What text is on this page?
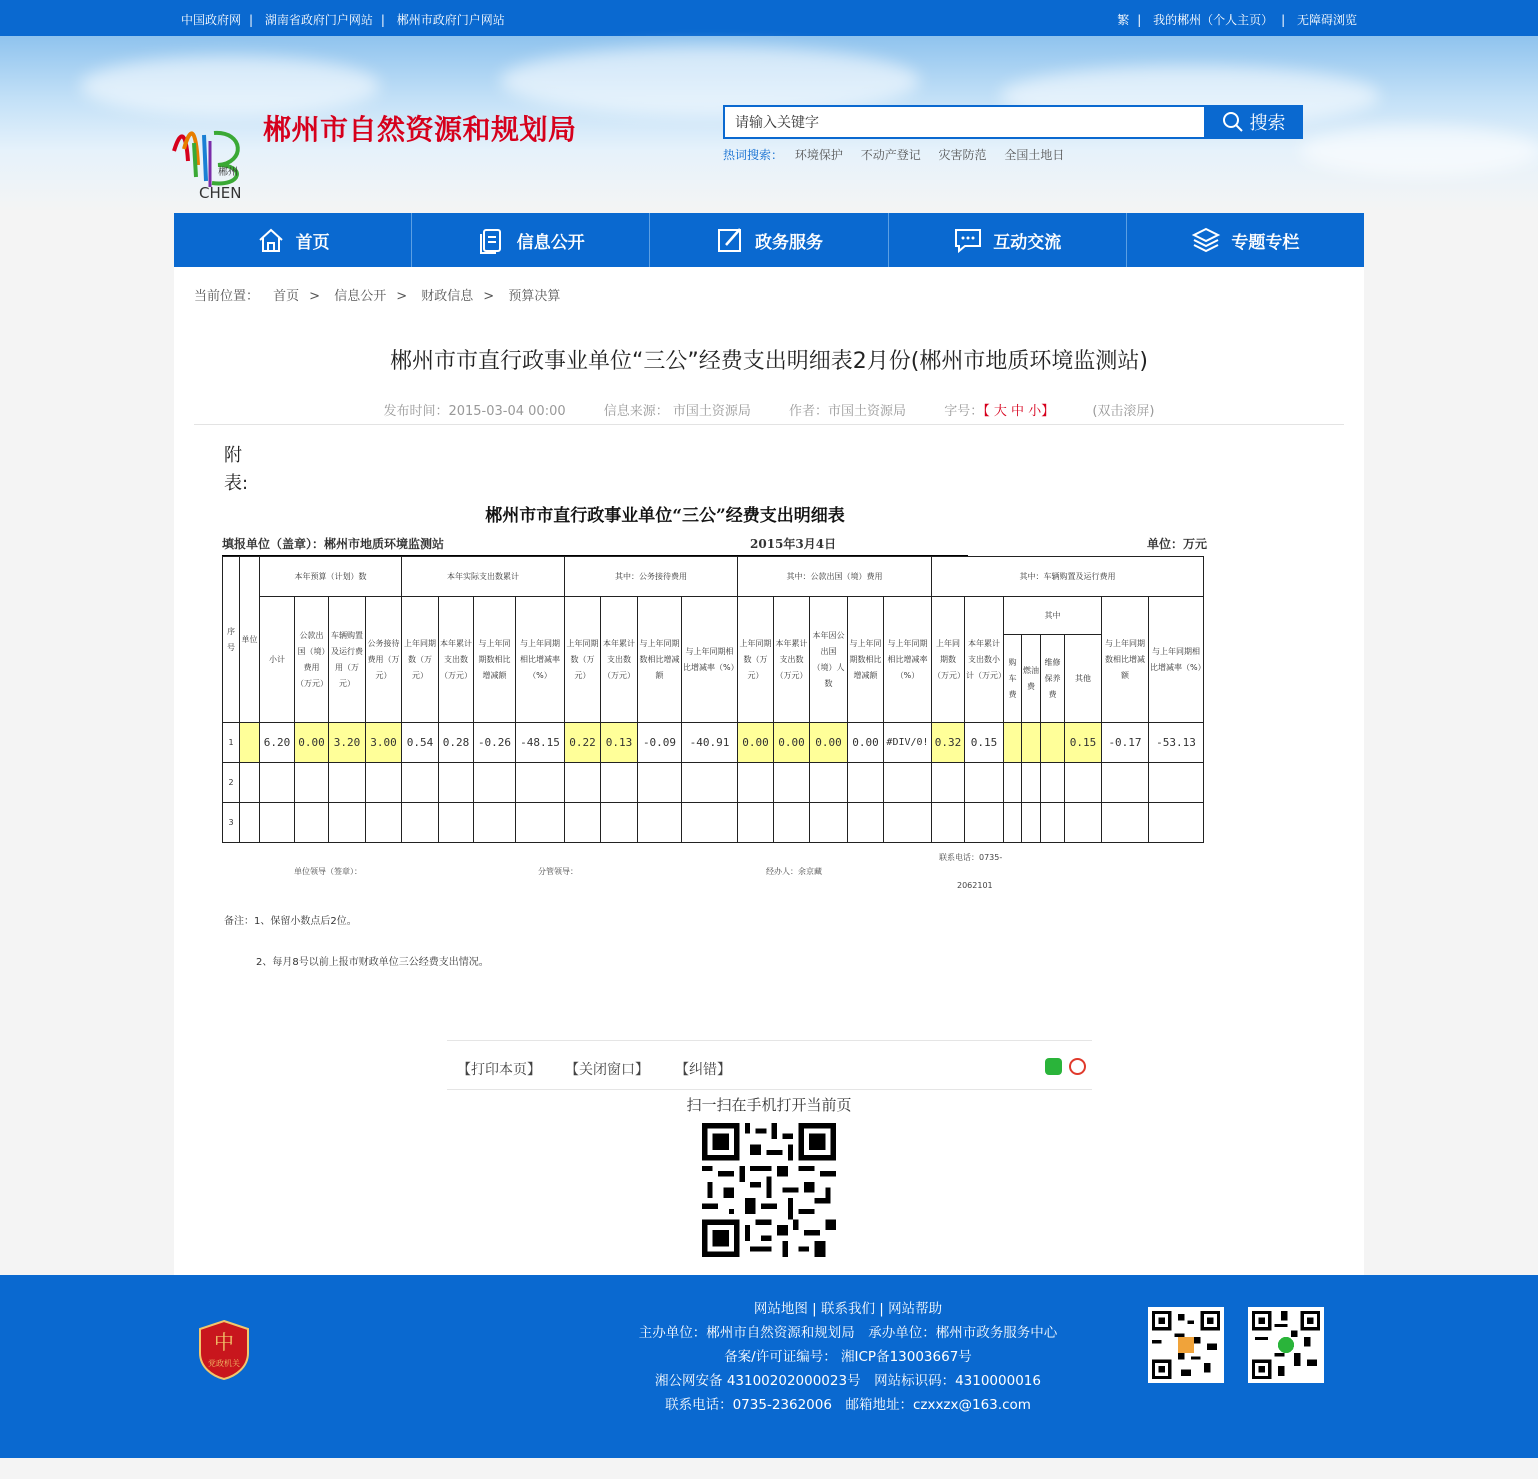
中国政府网 | 湖南省政府门户网站 | 郴州市政府门户网站	繁 | 我的郴州（个人主页） | 无障碍浏览
郴州
CHEN
郴州市自然资源和规划局
请输入关键字	搜索
热词搜索： 环境保护 不动产登记 灾害防范 全国土地日
首页	信息公开	政务服务	互动交流	专题专栏
当前位置： 首页 > 信息公开 > 财政信息 > 预算决算
郴州市市直行政事业单位“三公”经费支出明细表2月份(郴州市地质环境监测站)
发布时间：2015-03-04 00:00	信息来源： 市国土资源局	作者：市国土资源局	字号：【 大 中 小】	(双击滚屏)
附
表:
郴州市市直行政事业单位“三公”经费支出明细表
填报单位（盖章）：郴州市地质环境监测站	2015年3月4日	单位：万元
序号	单位	本年预算（计划）数				本年实际支出数累计				其中：公务接待费用				其中：公款出国（境）费用					其中：车辆购置及运行费用							
		小计	公款出国（境）费用（万元）	车辆购置及运行费用（万元）	公务接待费用（万元）	上年同期数（万元）	本年累计支出数（万元）	与上年同期数相比增减额	与上年同期相比增减率（%）	上年同期数（万元）	本年累计支出数（万元）	与上年同期数相比增减额	与上年同期相比增减率（%）	上年同期数（万元）	本年累计支出数（万元）	本年因公出国（境）人数	与上年同期数相比增减额	与上年同期相比增减率（%）	上年同期数（万元）	本年累计支出数小计（万元）	其中				与上年同期数相比增减额	与上年同期相比增减率（%）
																					购车费	燃油费	维修保养费	其他		
1		6.20	0.00	3.20	3.00	0.54	0.28	-0.26	-48.15	0.22	0.13	-0.09	-40.91	0.00	0.00	0.00	0.00	#DIV/0!	0.32	0.15				0.15	-0.17	-53.13
2																										
3																										
单位领导（签章）：	分管领导：	经办人：余京藏
联系电话：0735-
2062101
备注：1、保留小数点后2位。
2、每月8号以前上报市财政单位三公经费支出情况。
【打印本页】 【关闭窗口】 【纠错】
扫一扫在手机打开当前页
中
党政机关
网站地图 | 联系我们 | 网站帮助
主办单位：郴州市自然资源和规划局　承办单位：郴州市政务服务中心
备案/许可证编号： 湘ICP备13003667号
湘公网安备 43100202000023号　网站标识码：4310000016
联系电话：0735-2362006　邮箱地址：czxxzx@163.com
